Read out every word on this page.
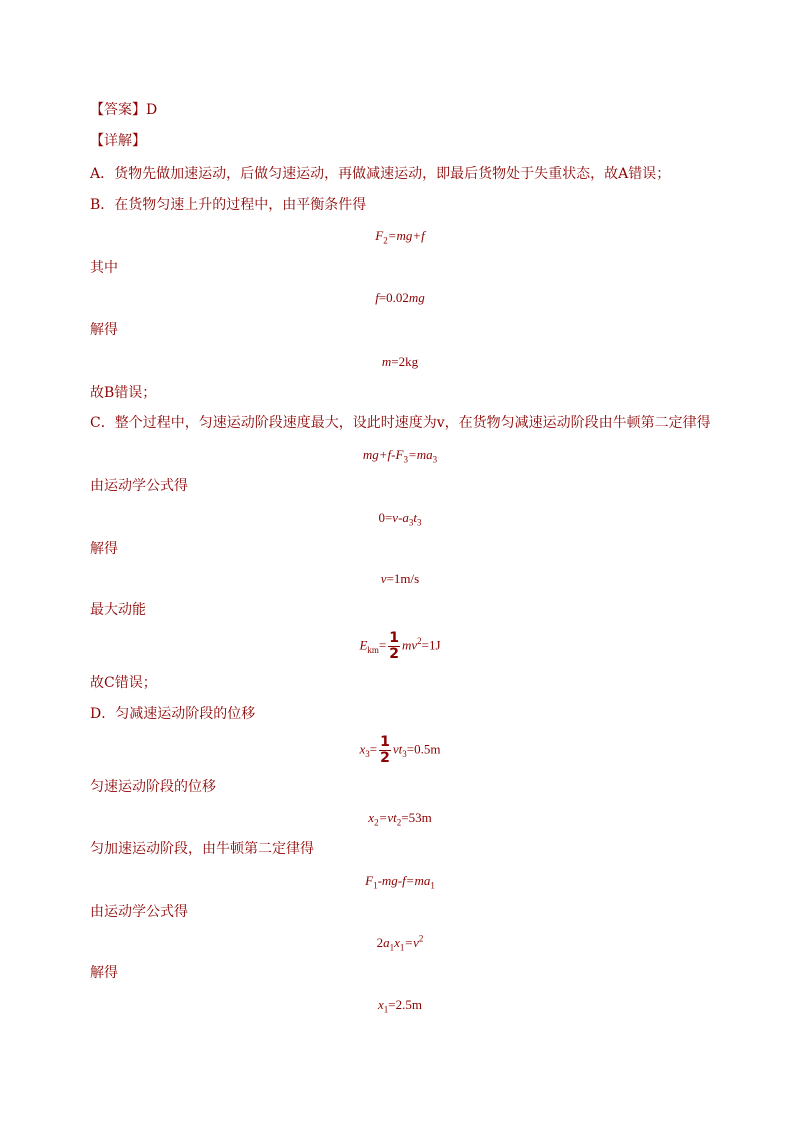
【答案】D
【详解】
A．货物先做加速运动，后做匀速运动，再做减速运动，即最后货物处于失重状态，故A错误；
B．在货物匀速上升的过程中，由平衡条件得
$F_2=mg+f$
其中
f=0.02mg
解得
m=2kg
故B错误；
C．整个过程中，匀速运动阶段速度最大，设此时速度为v，在货物匀减速运动阶段由牛顿第二定律得
$mg+f-F_3=ma_3$
由运动学公式得
$0=v-a_3t_3$
解得
v=1m/s
最大动能
$E_{km}= \frac{1}{2} mv^2=1J$
故C错误；
D．匀减速运动阶段的位移
$x_3= \frac{1}{2} vt_3=0.5m$
匀速运动阶段的位移
$x_2=vt_2=53m$
匀加速运动阶段，由牛顿第二定律得
$F_1-mg-f=ma_1$
由运动学公式得
$2a_1x_1=v^2$
解得
$x_1=2.5m$
